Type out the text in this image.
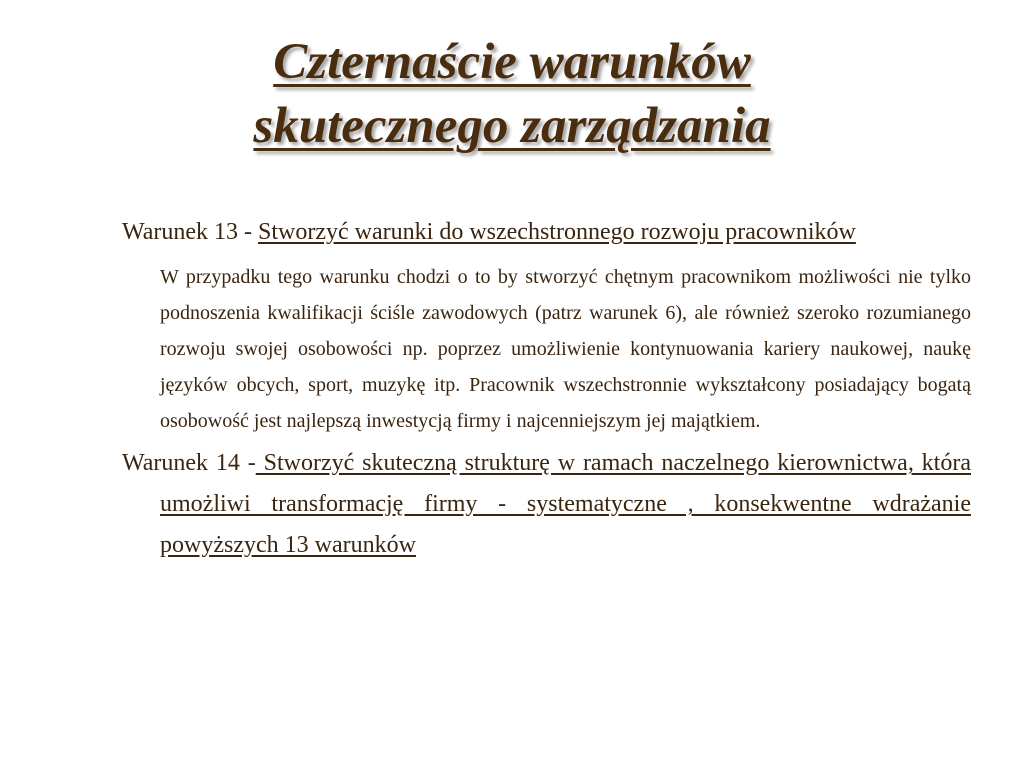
Czternaście warunków
skutecznego zarządzania

Warunek 13 - Stworzyć warunki do wszechstronnego rozwoju pracowników

W przypadku tego warunku chodzi o to by stworzyć chętnym pracownikom możliwości nie tylko podnoszenia kwalifikacji ściśle zawodowych (patrz warunek 6), ale również szeroko rozumianego rozwoju swojej osobowości np. poprzez umożliwienie kontynuowania kariery naukowej, naukę języków obcych, sport, muzykę itp. Pracownik wszechstronnie wykształcony posiadający bogatą osobowość jest najlepszą inwestycją firmy i najcenniejszym jej majątkiem.

Warunek 14 - Stworzyć skuteczną strukturę w ramach naczelnego kierownictwa, która umożliwi transformację firmy - systematyczne , konsekwentne wdrażanie powyższych 13 warunków
